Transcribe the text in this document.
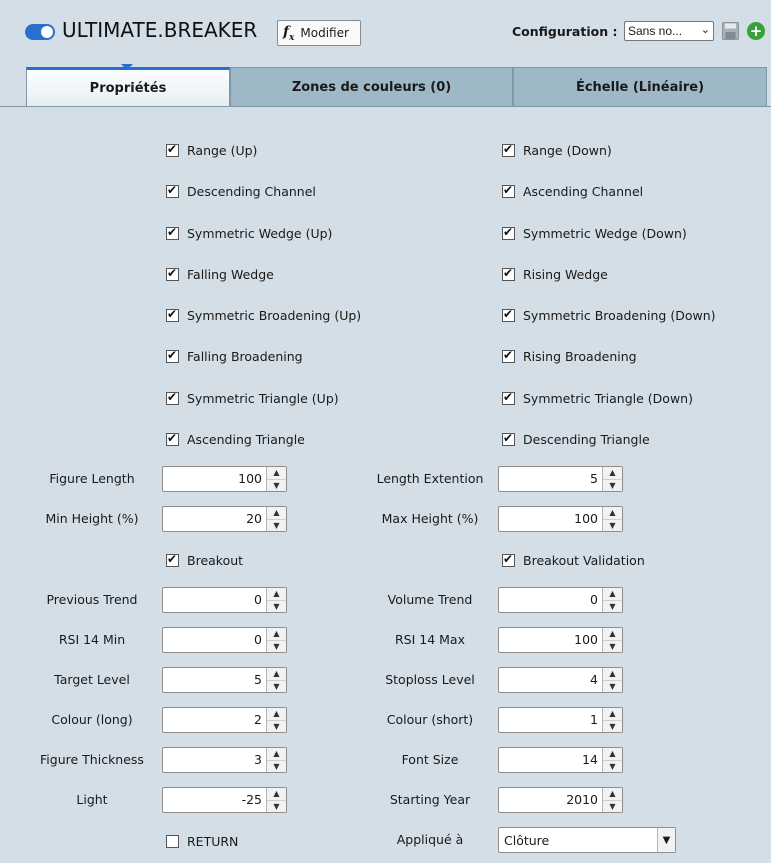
ULTIMATE.BREAKER $f_x$ Modifier	Configuration : Sans no... ⌄	+
Propriétés	Zones de couleurs (0)	Échelle (Linéaire)
✔
Range (Up)
✔
Descending Channel
✔
Symmetric Wedge (Up)
✔
Falling Wedge
✔
Symmetric Broadening (Up)
✔
Falling Broadening
✔
Symmetric Triangle (Up)
✔
Ascending Triangle
✔
Range (Down)
✔
Ascending Channel
✔
Symmetric Wedge (Down)
✔
Rising Wedge
✔
Symmetric Broadening (Down)
✔
Rising Broadening
✔
Symmetric Triangle (Down)
✔
Descending Triangle
Figure Length	100	▲
▼	Length Extention	5	▲
▼
Min Height (%)	20	▲
▼	Max Height (%)	100	▲
▼
✔
Breakout
✔	Breakout Validation
Previous Trend	0	▲
▼	Volume Trend	0	▲
▼
RSI 14 Min	0	▲
▼	RSI 14 Max	100	▲
▼
Target Level	5	▲
▼	Stoploss Level	4	▲
▼
Colour (long)	2	▲
▼	Colour (short)	1	▲
▼
Figure Thickness	3	▲
▼	Font Size	14	▲
▼
Light	-25	▲
▼	Starting Year	2010	▲
▼
RETURN	Appliqué à	Clôture	▼
